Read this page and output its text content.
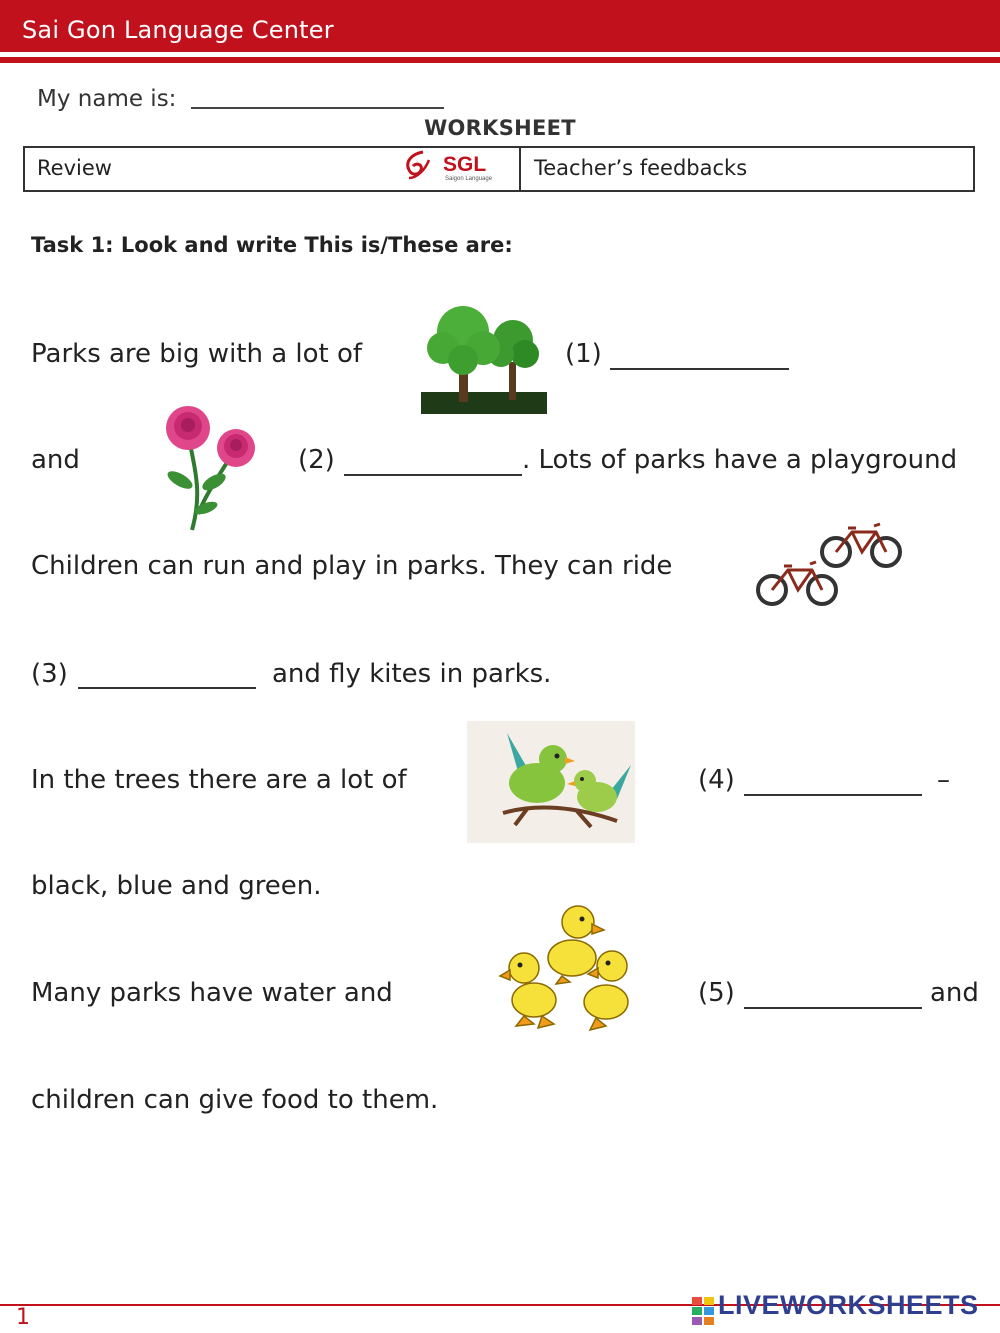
Sai Gon Language Center
My name is:
WORKSHEET
Review	Teacher’s feedbacks
SGL
Saigon Language
Task 1: Look and write This is/These are:
Parks are big with a lot of	(1)
and	(2)	. Lots of parks have a playground
Children can run and play in parks. They can ride
(3)	and fly kites in parks.
In the trees there are a lot of	(4)	–
black, blue and green.
Many parks have water and	(5)	and
children can give food to them.
1	LIVEWORKSHEETS
